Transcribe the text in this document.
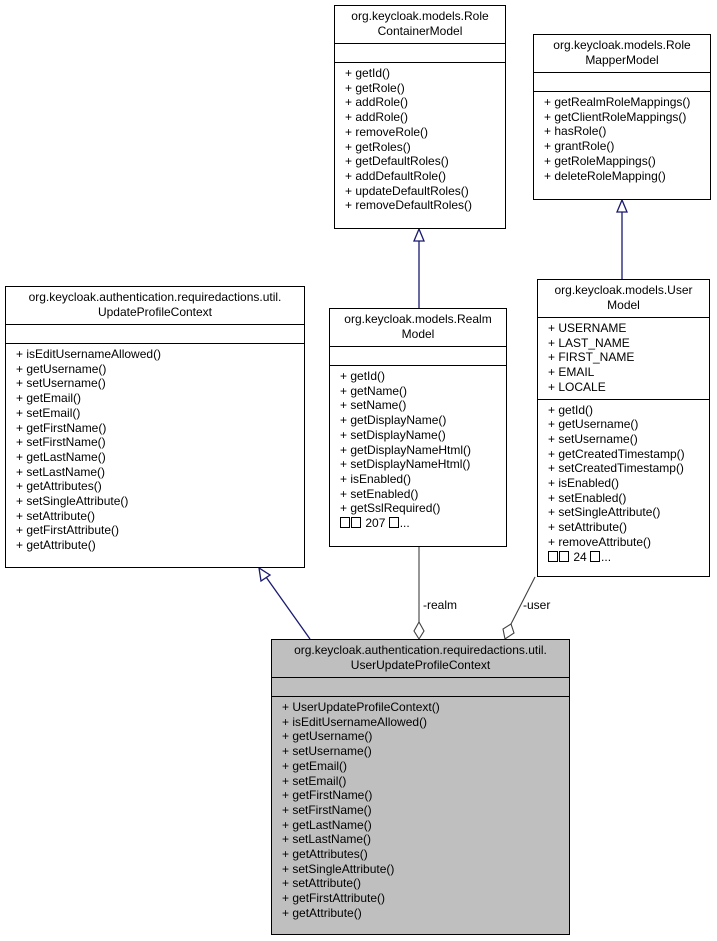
-realm	-user
org.keycloak.models.Role
ContainerModel
+ getId()
+ getRole()
+ addRole()
+ addRole()
+ removeRole()
+ getRoles()
+ getDefaultRoles()
+ addDefaultRole()
+ updateDefaultRoles()
+ removeDefaultRoles()
org.keycloak.models.Role
MapperModel
+ getRealmRoleMappings()
+ getClientRoleMappings()
+ hasRole()
+ grantRole()
+ getRoleMappings()
+ deleteRoleMapping()
org.keycloak.authentication.requiredactions.util.
UpdateProfileContext
+ isEditUsernameAllowed()
+ getUsername()
+ setUsername()
+ getEmail()
+ setEmail()
+ getFirstName()
+ setFirstName()
+ getLastName()
+ setLastName()
+ getAttributes()
+ setSingleAttribute()
+ setAttribute()
+ getFirstAttribute()
+ getAttribute()
org.keycloak.models.Realm
Model
+ getId()
+ getName()
+ setName()
+ getDisplayName()
+ setDisplayName()
+ getDisplayNameHtml()
+ setDisplayNameHtml()
+ isEnabled()
+ setEnabled()
+ getSslRequired()
207 ...
org.keycloak.models.User
Model
+ USERNAME
+ LAST_NAME
+ FIRST_NAME
+ EMAIL
+ LOCALE
+ getId()
+ getUsername()
+ setUsername()
+ getCreatedTimestamp()
+ setCreatedTimestamp()
+ isEnabled()
+ setEnabled()
+ setSingleAttribute()
+ setAttribute()
+ removeAttribute()
24 ...
org.keycloak.authentication.requiredactions.util.
UserUpdateProfileContext
+ UserUpdateProfileContext()
+ isEditUsernameAllowed()
+ getUsername()
+ setUsername()
+ getEmail()
+ setEmail()
+ getFirstName()
+ setFirstName()
+ getLastName()
+ setLastName()
+ getAttributes()
+ setSingleAttribute()
+ setAttribute()
+ getFirstAttribute()
+ getAttribute()
